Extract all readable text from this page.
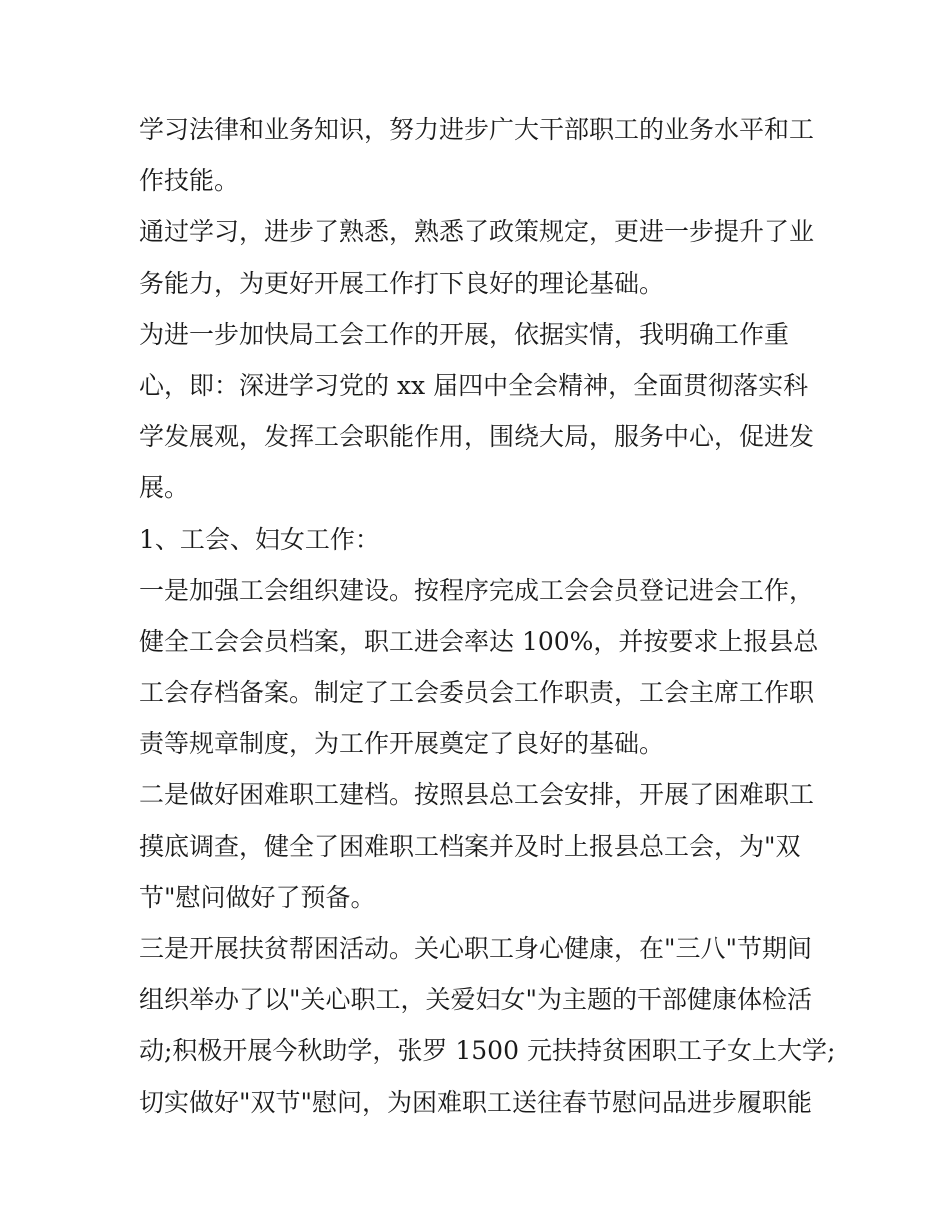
学习法律和业务知识，努力进步广大干部职工的业务水平和工
作技能。
通过学习，进步了熟悉，熟悉了政策规定，更进一步提升了业
务能力，为更好开展工作打下良好的理论基础。
为进一步加快局工会工作的开展，依据实情，我明确工作重
心，即：深进学习党的 xx 届四中全会精神，全面贯彻落实科
学发展观，发挥工会职能作用，围绕大局，服务中心，促进发
展。
1、工会、妇女工作：
一是加强工会组织建设。按程序完成工会会员登记进会工作，
健全工会会员档案，职工进会率达 100%，并按要求上报县总
工会存档备案。制定了工会委员会工作职责，工会主席工作职
责等规章制度，为工作开展奠定了良好的基础。
二是做好困难职工建档。按照县总工会安排，开展了困难职工
摸底调查，健全了困难职工档案并及时上报县总工会，为"双
节"慰问做好了预备。
三是开展扶贫帮困活动。关心职工身心健康，在"三八"节期间
组织举办了以"关心职工，关爱妇女"为主题的干部健康体检活
动;积极开展今秋助学，张罗 1500 元扶持贫困职工子女上大学;
切实做好"双节"慰问，为困难职工送往春节慰问品进步履职能
